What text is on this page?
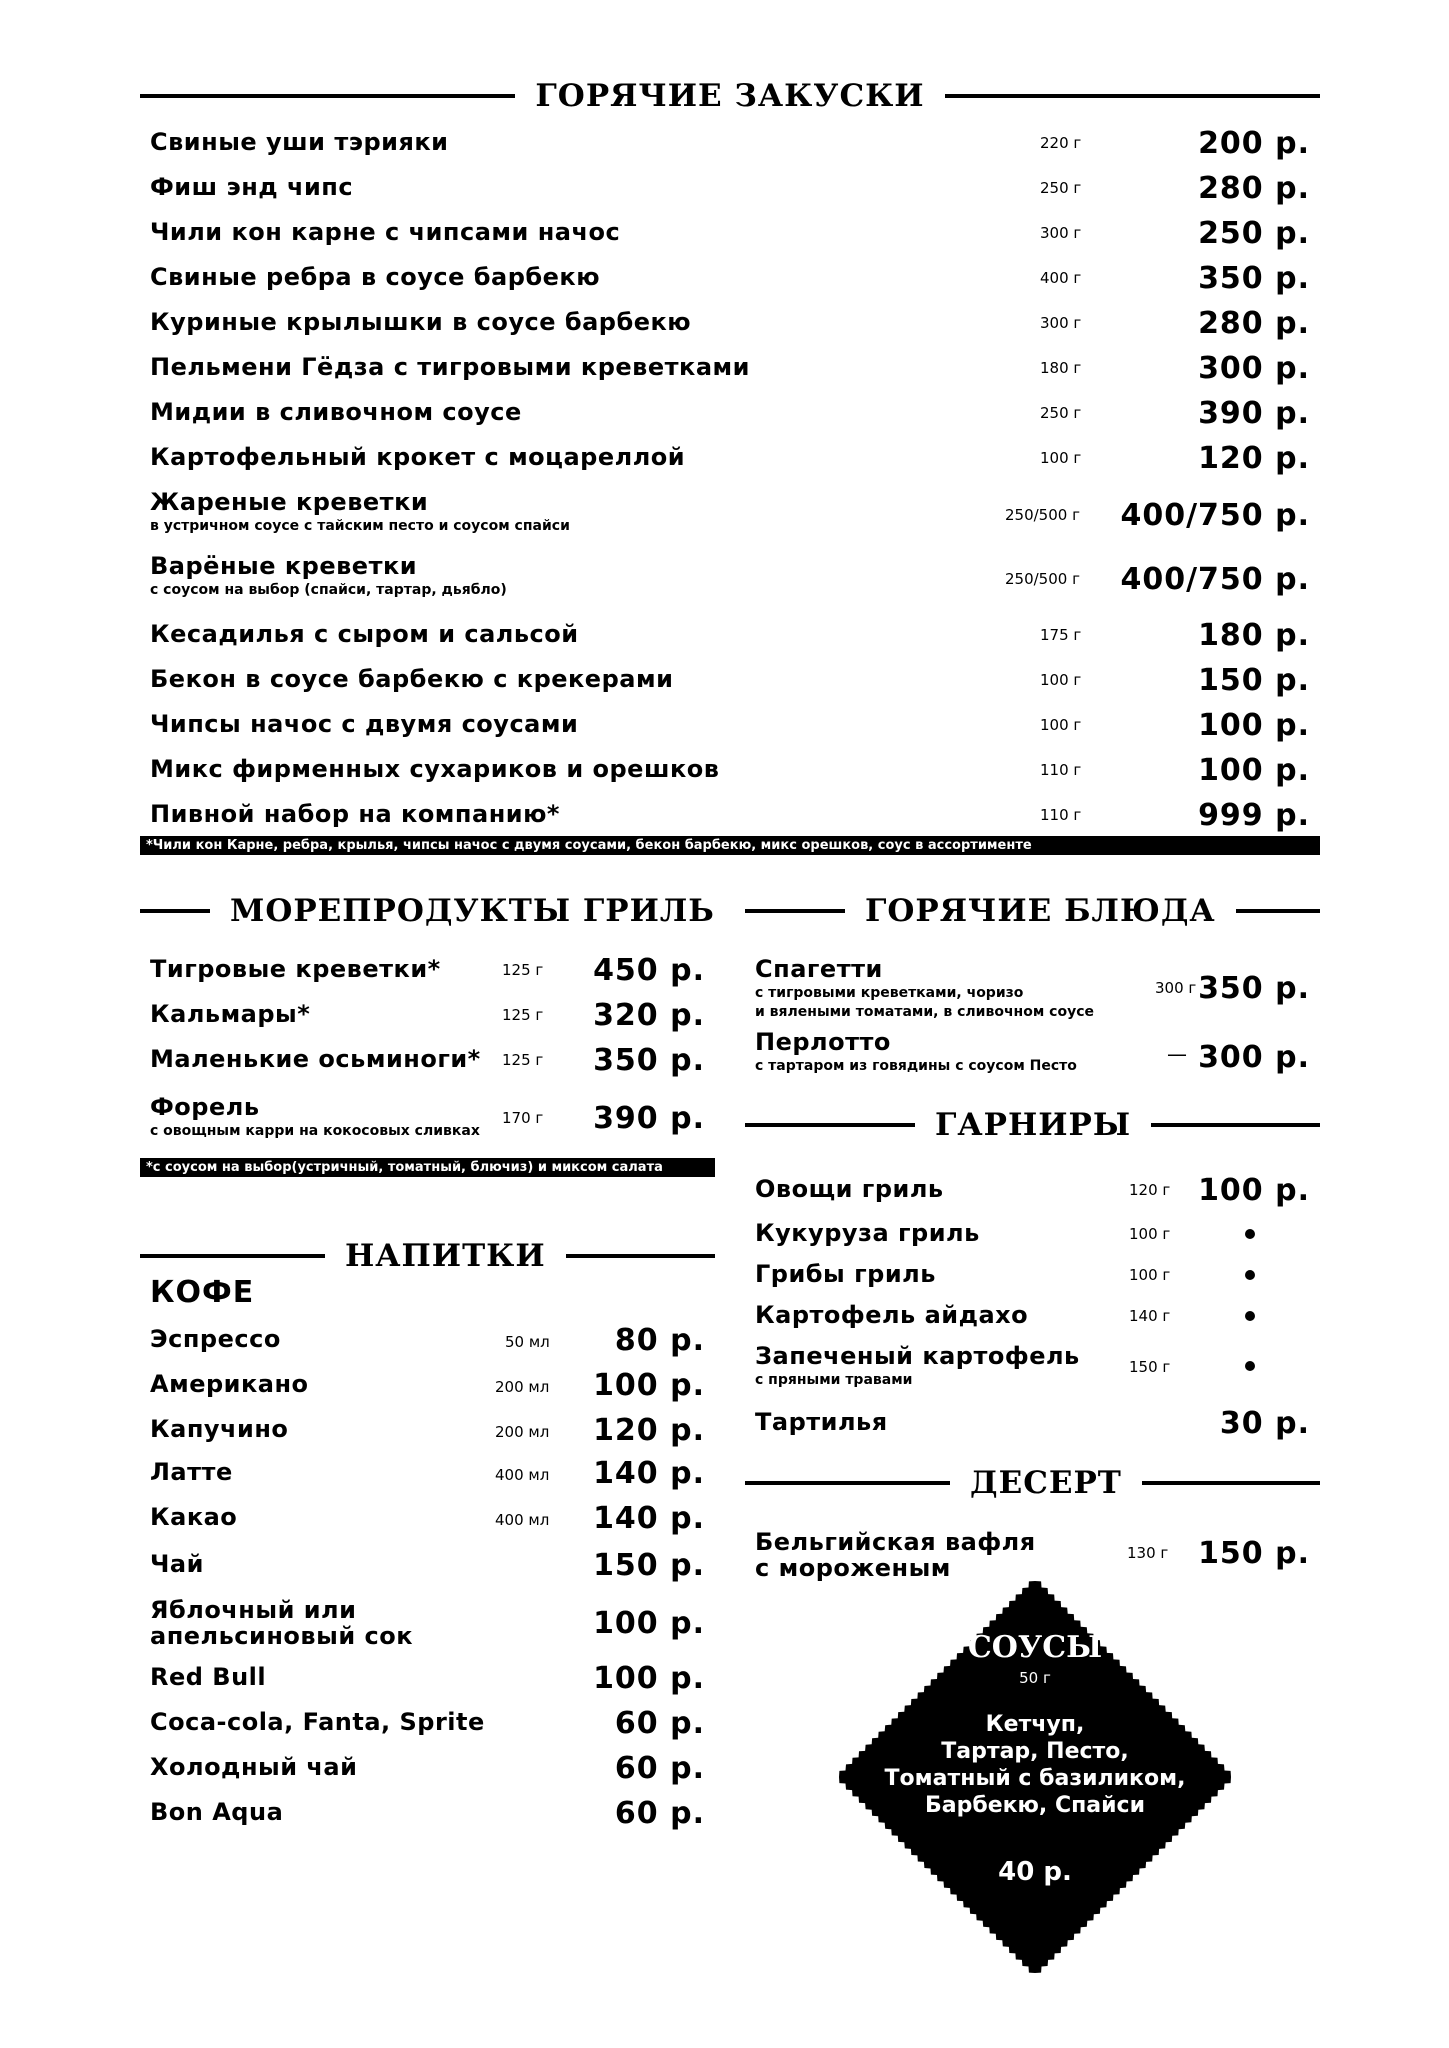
ГОРЯЧИЕ ЗАКУСКИ
Свиные уши тэрияки	220 г	200 р.
Фиш энд чипс	250 г	280 р.
Чили кон карне с чипсами начос	300 г	250 р.
Свиные ребра в соусе барбекю	400 г	350 р.
Куриные крылышки в соусе барбекю	300 г	280 р.
Пельмени Гёдза с тигровыми креветками	180 г	300 р.
Мидии в сливочном соусе	250 г	390 р.
Картофельный крокет с моцареллой	100 г	120 р.
Жареные креветки
в устричном соусе с тайским песто и соусом спайси
250/500 г 400/750 р.
Варёные креветки
с соусом на выбор (спайси, тартар, дьябло)
250/500 г 400/750 р.
Кесадилья с сыром и сальсой	175 г	180 р.
Бекон в соусе барбекю с крекерами	100 г	150 р.
Чипсы начос с двумя соусами	100 г	100 р.
Микс фирменных сухариков и орешков	110 г	100 р.
Пивной набор на компанию*	110 г	999 р.
*Чили кон Карне, ребра, крылья, чипсы начос с двумя соусами, бекон барбекю, микс орешков, соус в ассортименте
МОРЕПРОДУКТЫ ГРИЛЬ
Тигровые креветки*	125 г 450 р.
Кальмары*	125 г 320 р.
Маленькие осьминоги* 125 г 350 р.
Форель
с овощным карри на кокосовых сливках
170 г 390 р.
*с соусом на выбор(устричный, томатный, блючиз) и миксом салата
ГОРЯЧИЕ БЛЮДА
Спагетти
с тигровыми креветками, чоризо
и вялеными томатами, в сливочном соусе
300 г 350 р.
Перлотто
с тартаром из говядины с соусом Песто	— 300 р.
ГАРНИРЫ
Овощи гриль	120 г 100 р.
Кукуруза гриль	100 г
Грибы гриль	100 г
Картофель айдахо	140 г
Запеченый картофель
с пряными травами
150 г
Тартилья	30 р.
ДЕСЕРТ
Бельгийская вафля
с мороженым
130 г 150 р.
НАПИТКИ
КОФЕ
Эспрессо	50 мл 80 р.
Американо	200 мл 100 р.
Капучино	200 мл 120 р.
Латте	400 мл 140 р.
Какао	400 мл 140 р.
Чай	150 р.
Яблочный или
апельсиновый сок	100 р.
Red Bull	100 р.
Coca-cola, Fanta, Sprite	60 р.
Холодный чай	60 р.
Bon Aqua	60 р.
СОУСЫ
50 г
Кетчуп,
Тартар, Песто,
Томатный с базиликом,
Барбекю, Спайси
40 р.
